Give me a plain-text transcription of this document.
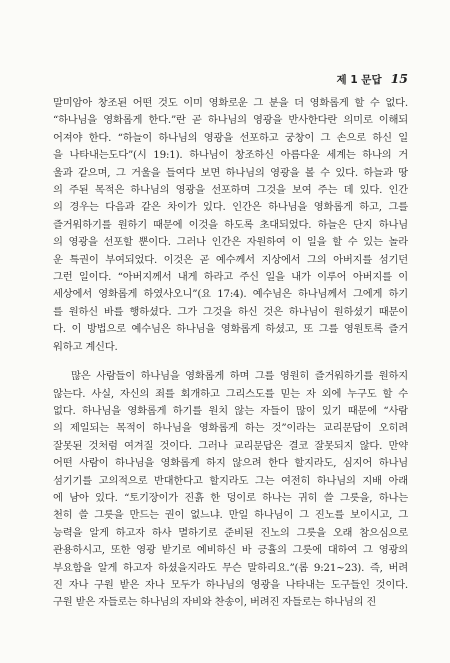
제 1 문답 15
말미암아 창조된 어떤 것도 이미 영화로운 그 분을 더 영화롭게 할 수 없다.
“하나님을 영화롭게 한다.”란 곧 하나님의 영광을 반사한다란 의미로 이해되
어져야 한다. “하늘이 하나님의 영광을 선포하고 궁창이 그 손으로 하신 일
을 나타내는도다”(시 19:1). 하나님이 창조하신 아름다운 세계는 하나의 거
울과 같으며, 그 거울을 들여다 보면 하나님의 영광을 볼 수 있다. 하늘과 땅
의 주된 목적은 하나님의 영광을 선포하며 그것을 보여 주는 데 있다. 인간
의 경우는 다음과 같은 차이가 있다. 인간은 하나님을 영화롭게 하고, 그를
즐거워하기를 원하기 때문에 이것을 하도록 초대되었다. 하늘은 단지 하나님
의 영광을 선포할 뿐이다. 그러나 인간은 자원하여 이 일을 할 수 있는 놀라
운 특권이 부여되었다. 이것은 곧 예수께서 지상에서 그의 아버지를 섬기던
그런 일이다. “아버지께서 내게 하라고 주신 일을 내가 이루어 아버지를 이
세상에서 영화롭게 하였사오니”(요 17:4). 예수님은 하나님께서 그에게 하기
를 원하신 바를 행하셨다. 그가 그것을 하신 것은 하나님이 원하셨기 때문이
다. 이 방법으로 예수님은 하나님을 영화롭게 하셨고, 또 그를 영원토록 즐거
워하고 계신다.
많은 사람들이 하나님을 영화롭게 하며 그를 영원히 즐거워하기를 원하지
않는다. 사실, 자신의 죄를 회개하고 그리스도를 믿는 자 외에 누구도 할 수
없다. 하나님을 영화롭게 하기를 원치 않는 자들이 많이 있기 때문에 “사람
의 제일되는 목적이 하나님을 영화롭게 하는 것”이라는 교리문답이 오히려
잘못된 것처럼 여겨질 것이다. 그러나 교리문답은 결코 잘못되지 않다. 만약
어떤 사람이 하나님을 영화롭게 하지 않으려 한다 할지라도, 심지어 하나님
섬기기를 고의적으로 반대한다고 할지라도 그는 여전히 하나님의 지배 아래
에 남아 있다. “토기장이가 진흙 한 덩이로 하나는 귀히 쓸 그릇을, 하나는
천히 쓸 그릇을 만드는 권이 없느냐. 만일 하나님이 그 진노를 보이시고, 그
능력을 알게 하고자 하사 멸하기로 준비된 진노의 그릇을 오래 참으심으로
관용하시고, 또한 영광 받기로 예비하신 바 긍휼의 그릇에 대하여 그 영광의
부요함을 알게 하고자 하셨을지라도 무슨 말하리요.”(롬 9:21~23). 즉, 버려
진 자나 구원 받은 자나 모두가 하나님의 영광을 나타내는 도구들인 것이다.
구원 받은 자들로는 하나님의 자비와 찬송이, 버려진 자들로는 하나님의 진
